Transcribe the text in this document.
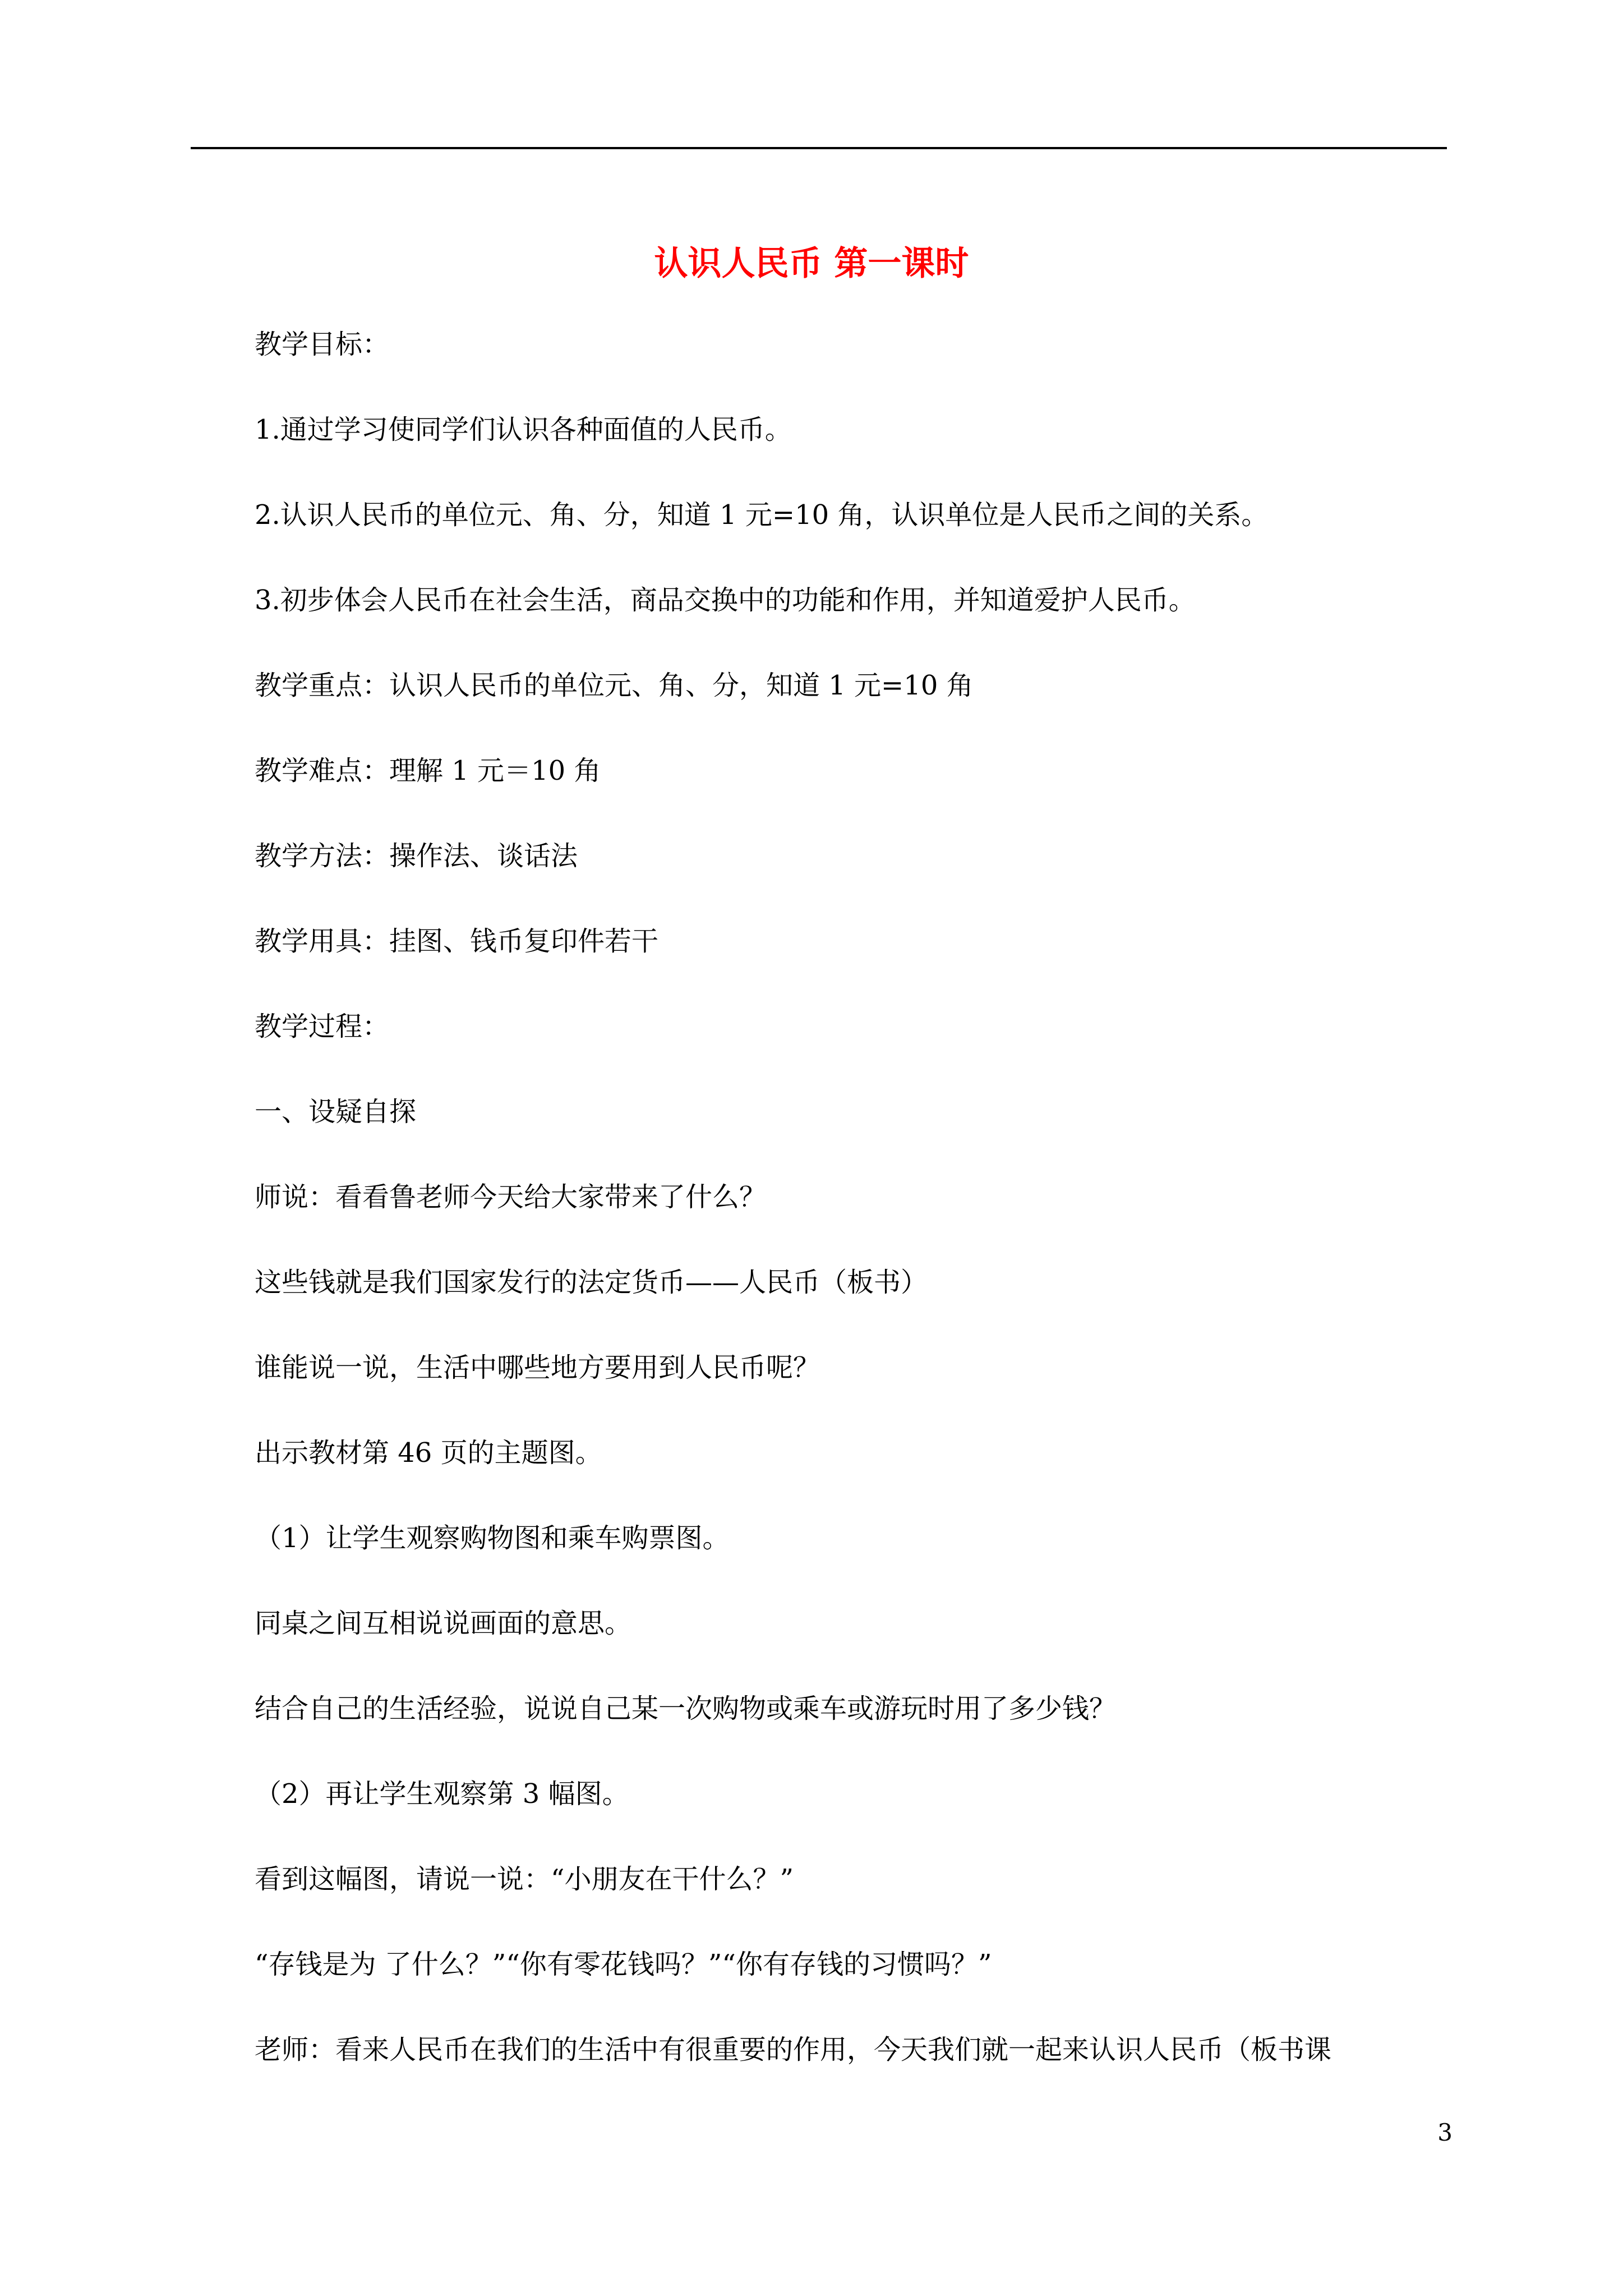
认识人民币 第一课时
教学目标：
1.通过学习使同学们认识各种面值的人民币。
2.认识人民币的单位元、角、分，知道 1 元=10 角，认识单位是人民币之间的关系。
3.初步体会人民币在社会生活，商品交换中的功能和作用，并知道爱护人民币。
教学重点：认识人民币的单位元、角、分，知道 1 元=10 角
教学难点：理解 1 元＝10 角
教学方法：操作法、谈话法
教学用具：挂图、钱币复印件若干
教学过程：
一、设疑自探
师说：看看鲁老师今天给大家带来了什么？
这些钱就是我们国家发行的法定货币——人民币（板书）
谁能说一说，生活中哪些地方要用到人民币呢？
出示教材第 46 页的主题图。
（1）让学生观察购物图和乘车购票图。
同桌之间互相说说画面的意思。
结合自己的生活经验，说说自己某一次购物或乘车或游玩时用了多少钱？
（2）再让学生观察第 3 幅图。
看到这幅图，请说一说：“小朋友在干什么？”
“存钱是为 了什么？”“你有零花钱吗？”“你有存钱的习惯吗？”
老师：看来人民币在我们的生活中有很重要的作用，今天我们就一起来认识人民币（板书课
3
